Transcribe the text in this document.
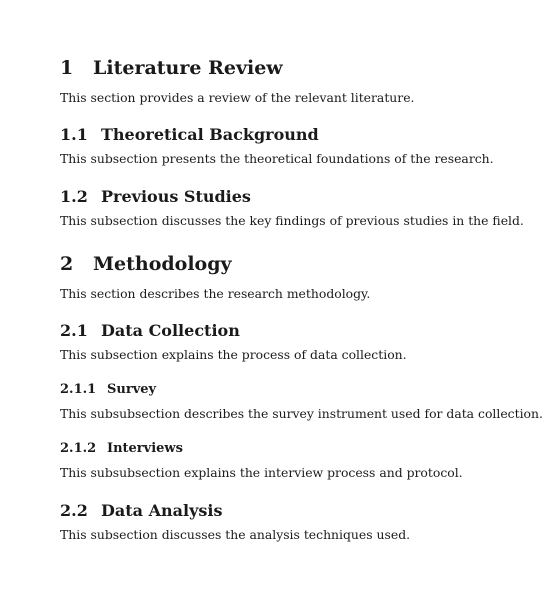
1 Literature Review
This section provides a review of the relevant literature.
1.1 Theoretical Background
This subsection presents the theoretical foundations of the research.
1.2 Previous Studies
This subsection discusses the key findings of previous studies in the field.
2 Methodology
This section describes the research methodology.
2.1 Data Collection
This subsection explains the process of data collection.
2.1.1 Survey
This subsubsection describes the survey instrument used for data collection.
2.1.2 Interviews
This subsubsection explains the interview process and protocol.
2.2 Data Analysis
This subsection discusses the analysis techniques used.
